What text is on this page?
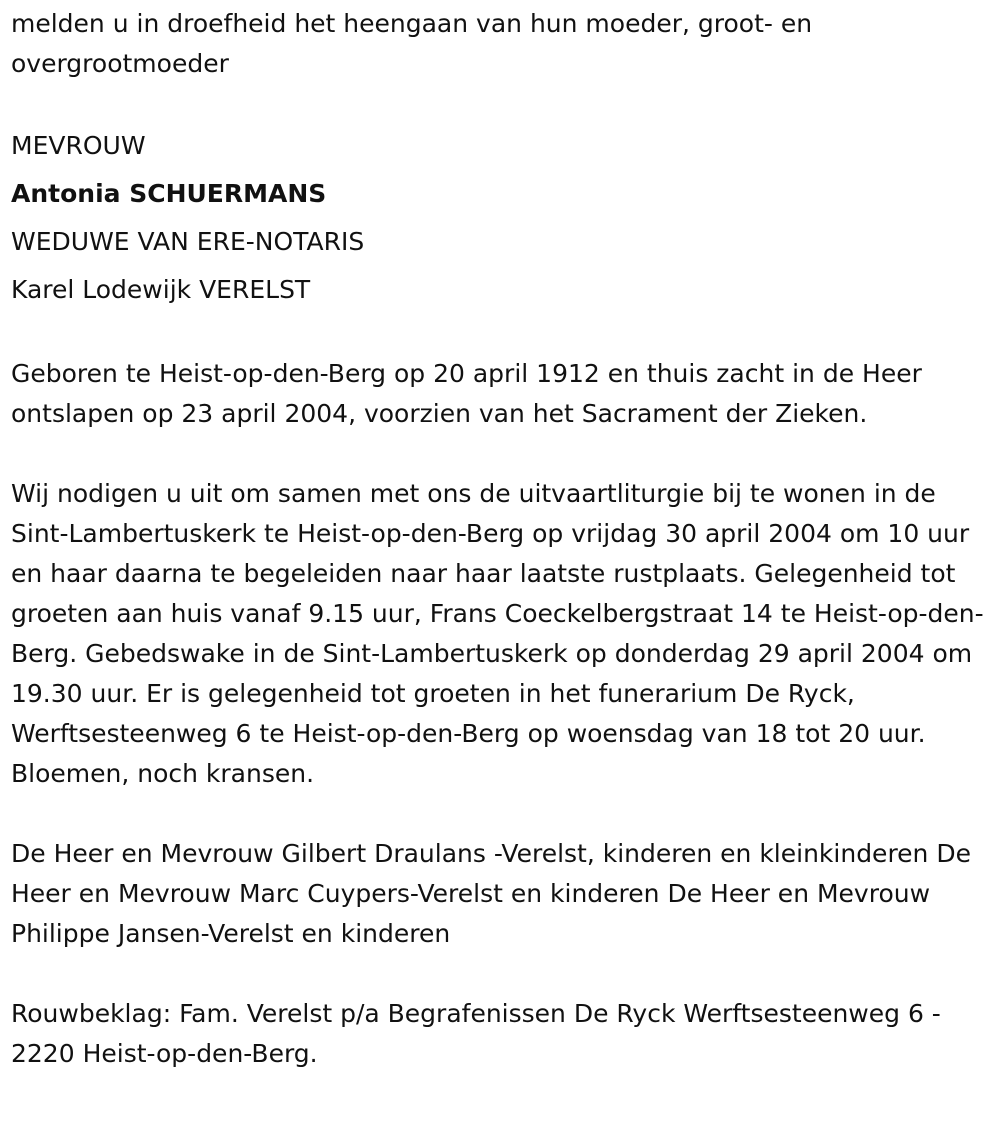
melden u in droefheid het heengaan van hun moeder, groot- en overgrootmoeder

MEVROUW
Antonia SCHUERMANS
WEDUWE VAN ERE-NOTARIS
Karel Lodewijk VERELST

Geboren te Heist-op-den-Berg op 20 april 1912 en thuis zacht in de Heer ontslapen op 23 april 2004, voorzien van het Sacrament der Zieken.

Wij nodigen u uit om samen met ons de uitvaartliturgie bij te wonen in de Sint-Lambertuskerk te Heist-op-den-Berg op vrijdag 30 april 2004 om 10 uur en haar daarna te begeleiden naar haar laatste rustplaats. Gelegenheid tot groeten aan huis vanaf 9.15 uur, Frans Coeckelbergstraat 14 te Heist-op-den-Berg. Gebedswake in de Sint-Lambertuskerk op donderdag 29 april 2004 om 19.30 uur. Er is gelegenheid tot groeten in het funerarium De Ryck, Werftsesteenweg 6 te Heist-op-den-Berg op woensdag van 18 tot 20 uur. Bloemen, noch kransen.

De Heer en Mevrouw Gilbert Draulans -Verelst, kinderen en kleinkinderen De Heer en Mevrouw Marc Cuypers-Verelst en kinderen De Heer en Mevrouw Philippe Jansen-Verelst en kinderen

Rouwbeklag: Fam. Verelst p/a Begrafenissen De Ryck Werftsesteenweg 6 - 2220 Heist-op-den-Berg.
